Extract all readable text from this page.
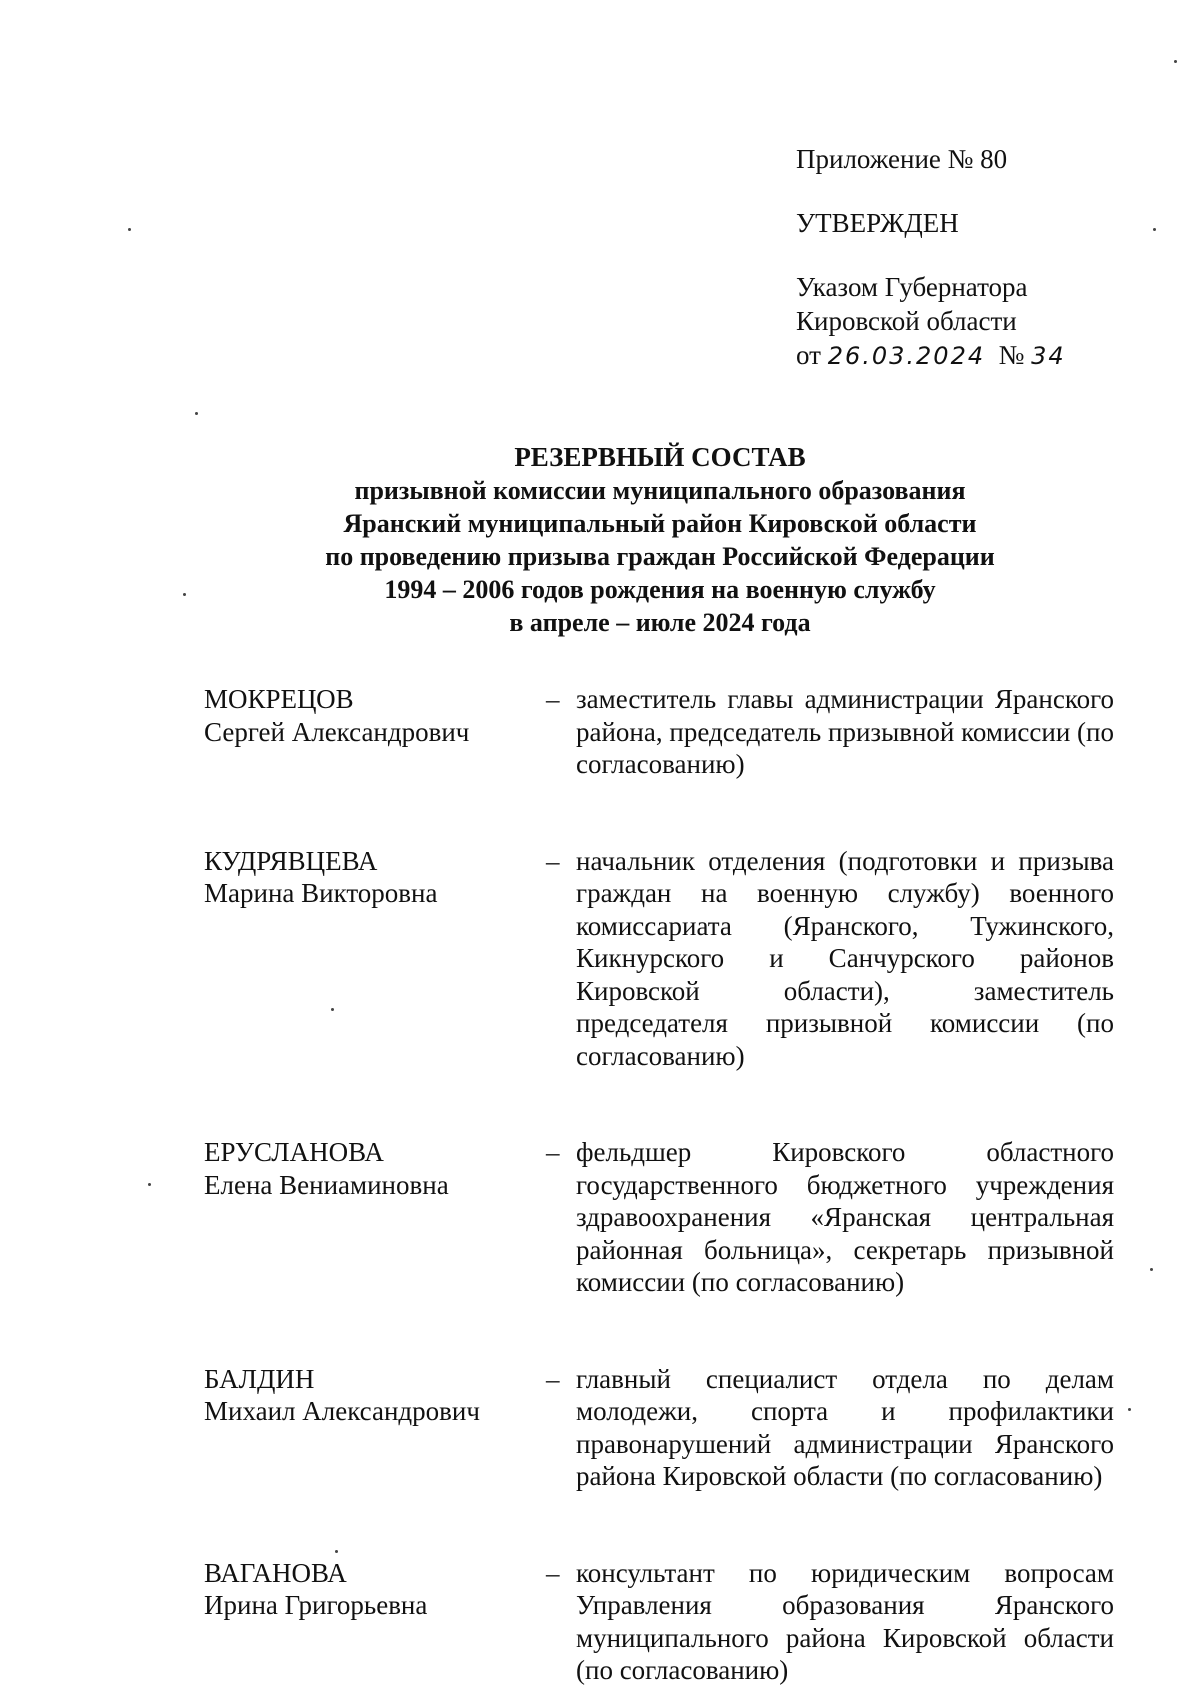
Приложение № 80

УТВЕРЖДЕН

Указом Губернатора

Кировской области

от 26.03.2024 № 34

РЕЗЕРВНЫЙ СОСТАВ

призывной комиссии муниципального образования

Яранский муниципальный район Кировской области

по проведению призыва граждан Российской Федерации

1994 – 2006 годов рождения на военную службу

в апреле – июле 2024 года

МОКРЕЦОВ
Сергей Александрович
– заместитель главы администрации Яранского района, председатель призывной комиссии (по согласованию)
КУДРЯВЦЕВА
Марина Викторовна
– начальник отделения (подготовки и призыва граждан на военную службу) военного комиссариата (Яранского, Тужинского, Кикнурского и Санчурского районов Кировской области), заместитель председателя призывной комиссии (по согласованию)
ЕРУСЛАНОВА
Елена Вениаминовна
– фельдшер Кировского областного государственного бюджетного учреждения здравоохранения «Яранская центральная районная больница», секретарь призывной комиссии (по согласованию)
БАЛДИН
Михаил Александрович
– главный специалист отдела по делам молодежи, спорта и профилактики правонарушений администрации Яранского района Кировской области (по согласованию)
ВАГАНОВА
Ирина Григорьевна
– консультант по юридическим вопросам Управления образования Яранского муниципального района Кировской области (по согласованию)
